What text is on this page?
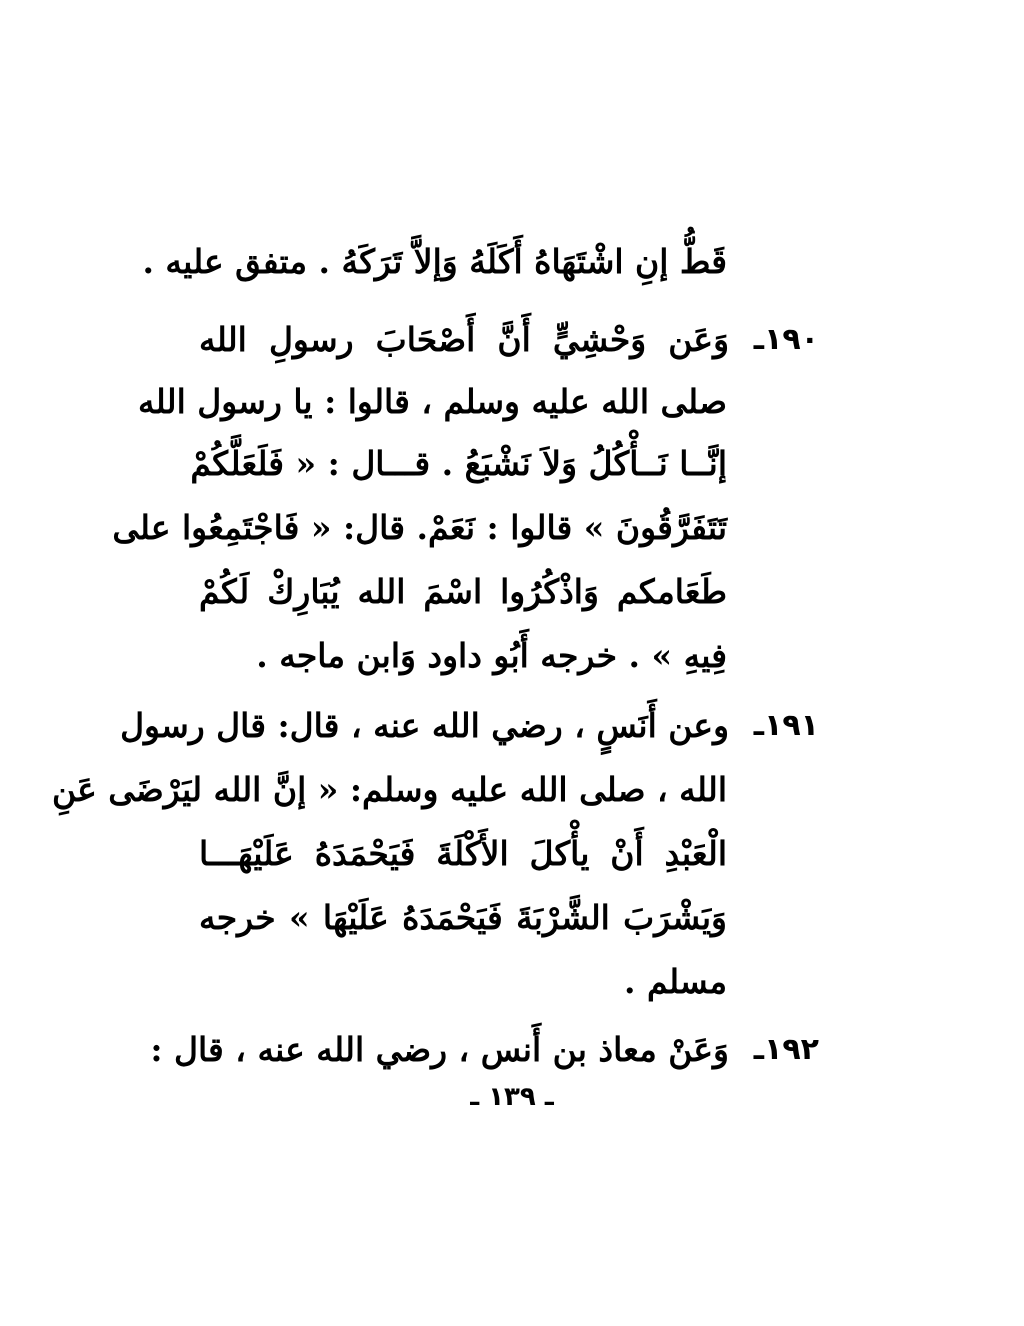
قَطُّ إنِ اشْتَهَاهُ أَكَلَهُ وَإلاَّ تَرَكَهُ . متفق عليه .
١٩٠ـ
وَعَن وَحْشِيٍّ أَنَّ أَصْحَابَ رسولِ الله
صلى الله عليه وسلم ، قالوا : يا رسول الله
إنَّــا نَــأْكُلُ وَلاَ نَشْبَعُ . قـــال : « فَلَعَلَّكُمْ
تَتَفَرَّقُونَ » قالوا : نَعَمْ. قال: « فَاجْتَمِعُوا على
طَعَامكم وَاذْكُرُوا اسْمَ الله يُبَارِكْ لَكُمْ
فِيهِ » . خرجه أَبُو داود وَابن ماجه .
١٩١ـ
وعن أَنَسٍ ، رضي الله عنه ، قال: قال رسول
الله ، صلى الله عليه وسلم: « إنَّ الله ليَرْضَى عَنِ
الْعَبْدِ أَنْ يأْكلَ الأَكْلَةَ فَيَحْمَدَهُ عَلَيْهَـــا
وَيَشْرَبَ الشَّرْبَةَ فَيَحْمَدَهُ عَلَيْهَا » خرجه
مسلم .
١٩٢ـ
وَعَنْ معاذ بن أَنس ، رضي الله عنه ، قال :
ـ ١٣٩ ـ
